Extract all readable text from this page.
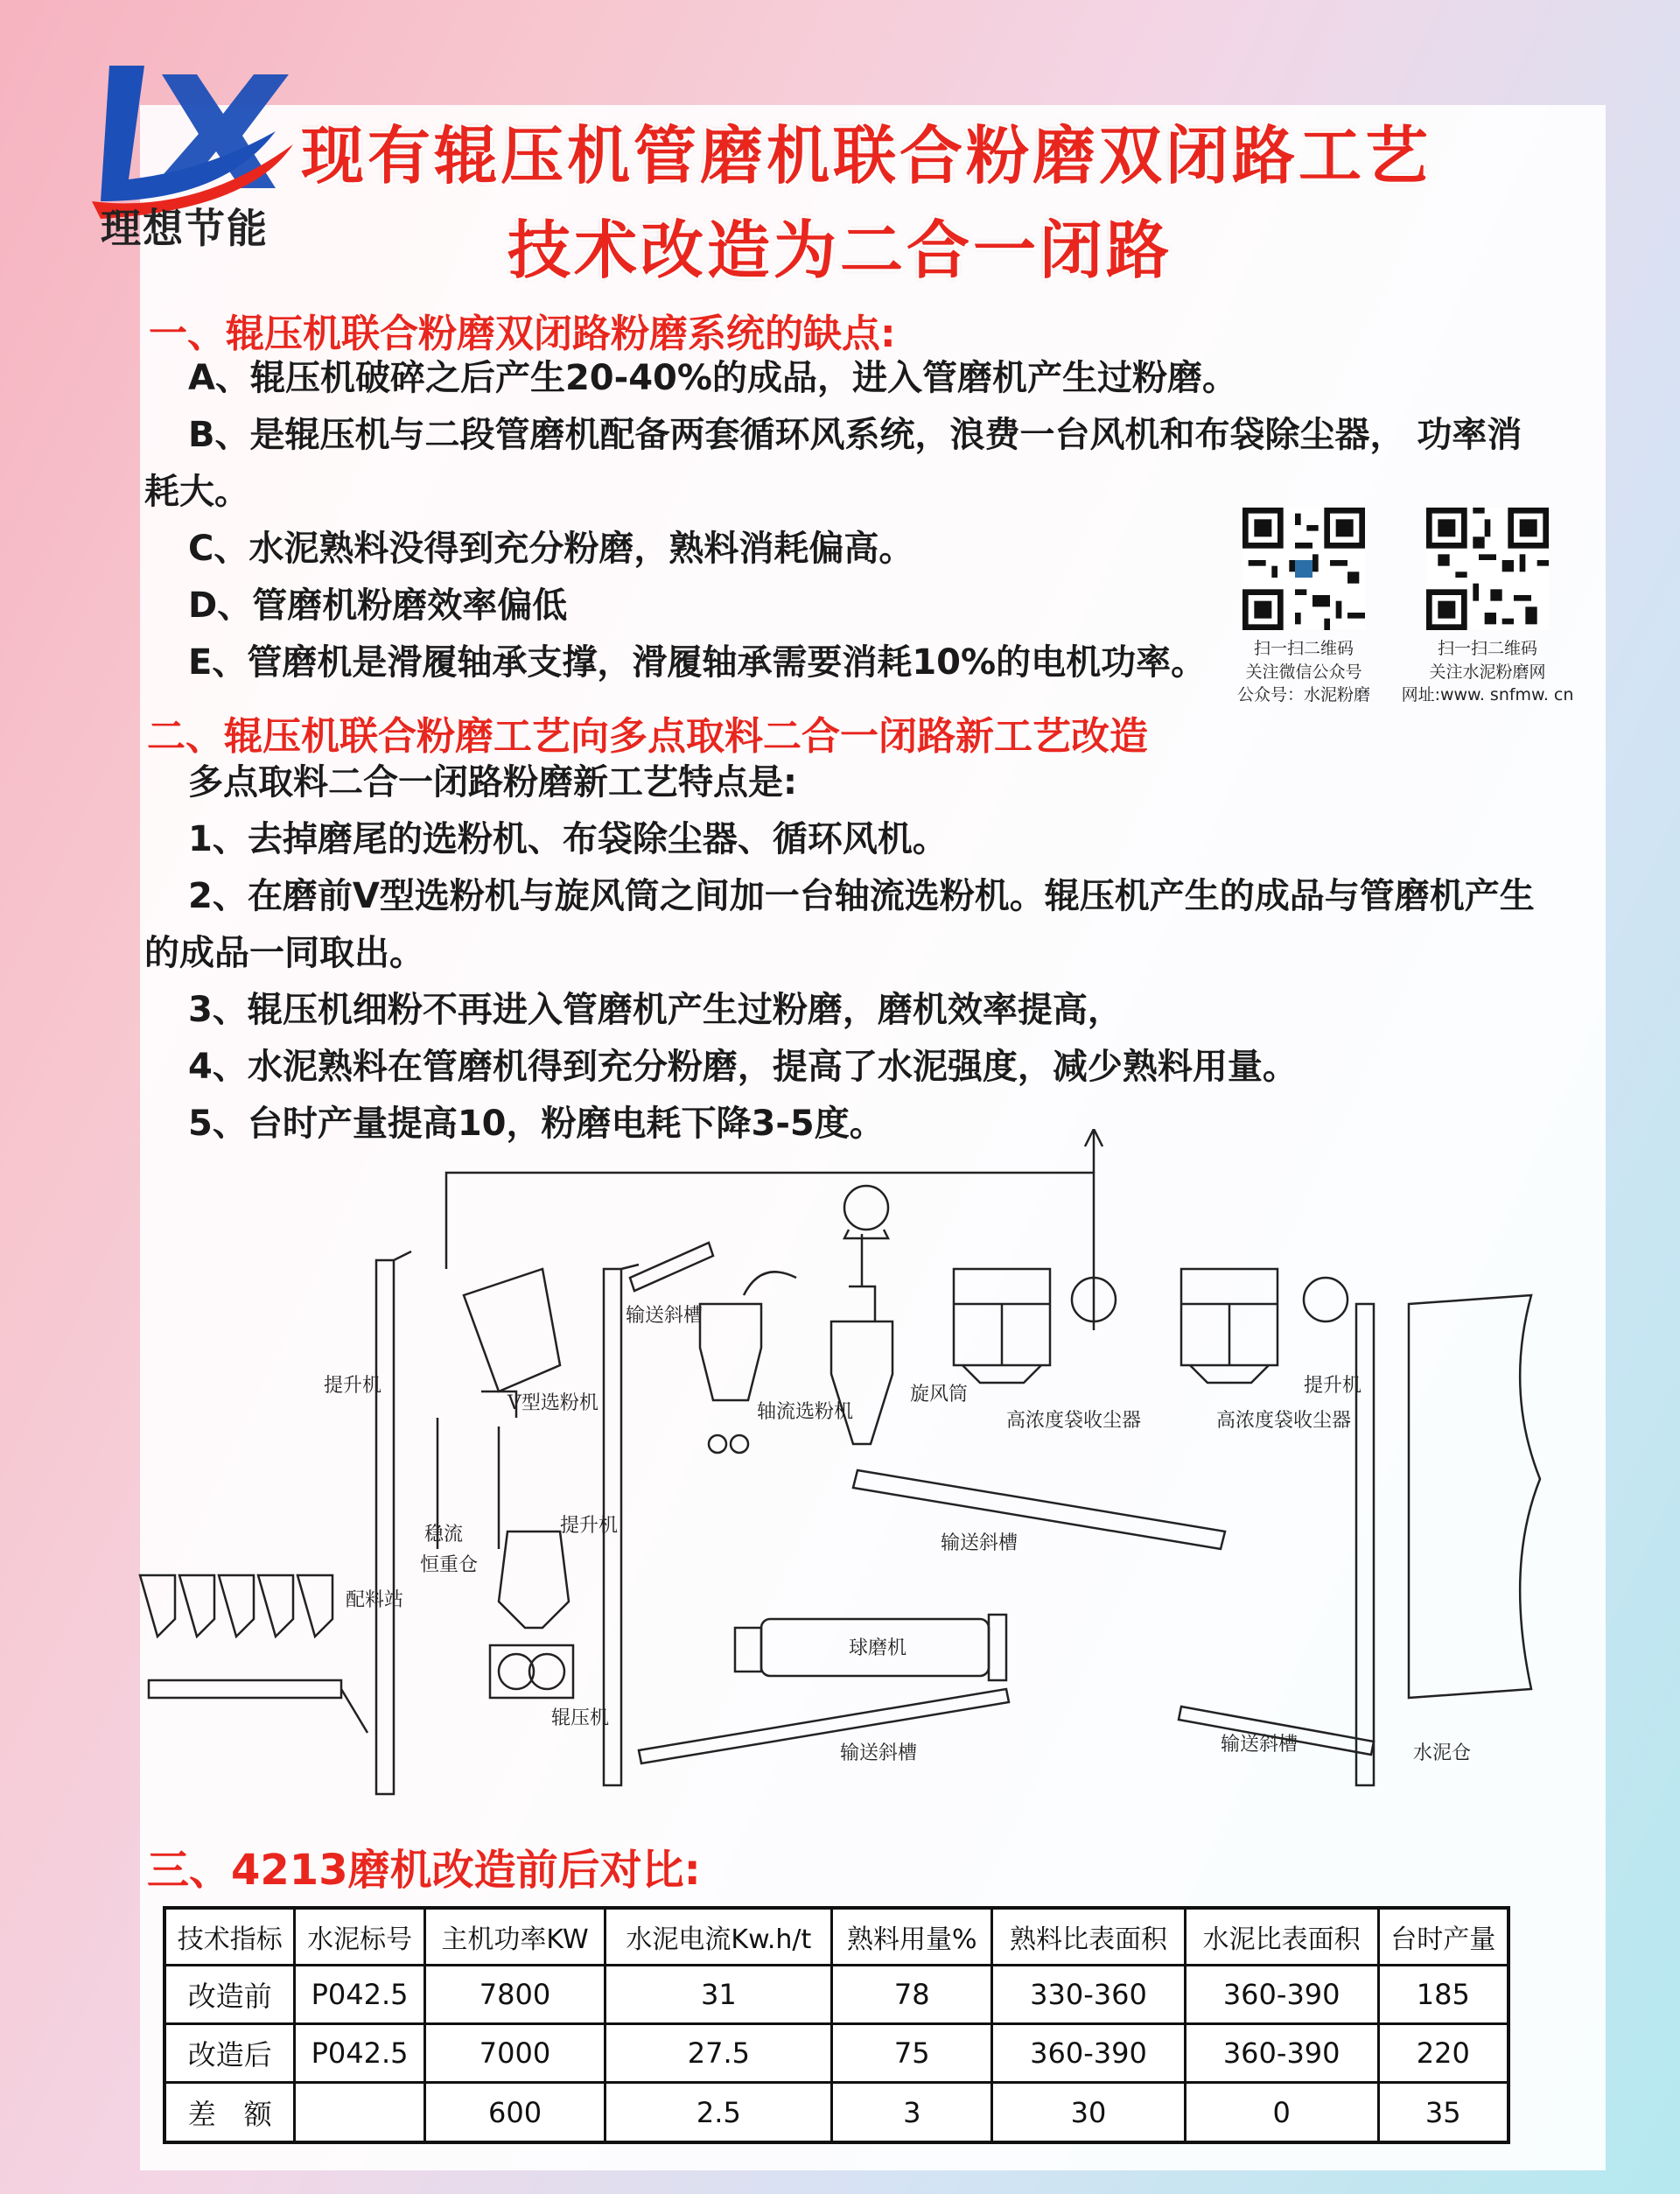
理想节能
现有辊压机管磨机联合粉磨双闭路工艺
技术改造为二合一闭路
一、辊压机联合粉磨双闭路粉磨系统的缺点:
A、辊压机破碎之后产生20-40%的成品，进入管磨机产生过粉磨。
B、是辊压机与二段管磨机配备两套循环风系统，浪费一台风机和布袋除尘器， 功率消
耗大。
C、水泥熟料没得到充分粉磨，熟料消耗偏高。
D、管磨机粉磨效率偏低
E、管磨机是滑履轴承支撑，滑履轴承需要消耗10%的电机功率。	扫一扫二维码
关注微信公众号
公众号：水泥粉磨
扫一扫二维码
关注水泥粉磨网
网址:www. snfmw. cn
二、辊压机联合粉磨工艺向多点取料二合一闭路新工艺改造
多点取料二合一闭路粉磨新工艺特点是:
1、去掉磨尾的选粉机、布袋除尘器、循环风机。
2、在磨前V型选粉机与旋风筒之间加一台轴流选粉机。辊压机产生的成品与管磨机产生
的成品一同取出。
3、辊压机细粉不再进入管磨机产生过粉磨，磨机效率提高，
4、水泥熟料在管磨机得到充分粉磨，提高了水泥强度，减少熟料用量。
5、台时产量提高10，粉磨电耗下降3-5度。
提升机
输送斜槽
V型选粉机	轴流选粉机
旋风筒
高浓度袋收尘器	高浓度袋收尘器
提升机
稳流
恒重仓
提升机
输送斜槽
配料站
球磨机
辊压机
输送斜槽	输送斜槽	水泥仓
三、4213磨机改造前后对比:
技术指标	水泥标号	主机功率KW	水泥电流Kw.h/t	熟料用量%	熟料比表面积	水泥比表面积	台时产量
改造前	P042.5	7800	31	78	330-360	360-390	185
改造后	P042.5	7000	27.5	75	360-390	360-390	220
差　额		600	2.5	3	30	0	35
